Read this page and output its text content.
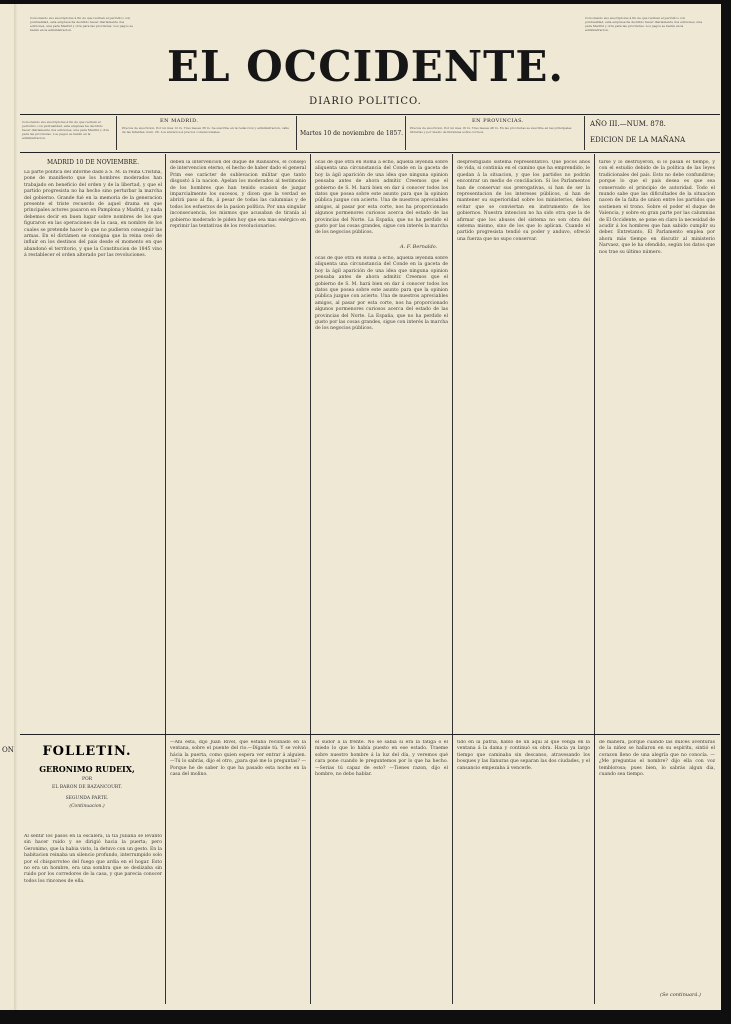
Conociendo sus suscriptores á fin de que reciban el periódico con puntualidad, esta empresa ha decidido hacer diariamente dos ediciones, una para Madrid y otra para las provincias. Los pagos se harán en la administracion.
Conociendo sus suscriptores á fin de que reciban el periódico con puntualidad, esta empresa ha decidido hacer diariamente dos ediciones, una para Madrid y otra para las provincias. Los pagos se harán en la administracion.
EL OCCIDENTE.
DIARIO POLITICO.
Conociendo sus suscriptores á fin de que reciban el periódico con puntualidad, esta empresa ha decidido hacer diariamente dos ediciones, una para Madrid y otra para las provincias. Los pagos se harán en la administracion.
EN MADRID.
Precios de suscricion. Por un mes 12 rs. Tres meses 36 rs. Se suscribe en la redaccion y administracion, calle de las Infantas, num. 26. Los anuncios á precios convencionales.	Martes 10 de noviembre de 1857.
EN PROVINCIAS.
Precios de suscricion. Por un mes 16 rs. Tres meses 48 rs. En las provincias se suscribe en las principales librerías y por medio de libranzas sobre correos.
AÑO III.—NUM. 878.
EDICION DE LA MAÑANA
MADRID 10 DE NOVIEMBRE.
La parte politica del informe dado á S. M. la reina Cristina, pone de manifiesto que los hombres moderados han trabajado en beneficio del orden y de la libertad, y que el partido progresista no ha hecho sino perturbar la marcha del gobierno. Grande fué en la memoria de la generacion presente el triste recuerdo de aquel drama en que principales actores pasaron en Pamplona y Madrid, y nada debemos decir en buen lugar sobre nombres de los que figuraron en las operaciones de la casa, en nombre de los cuales se pretende hacer lo que no pudieron conseguir las armas. En el dictámen se consigna que la reina cesó de influir en los destinos del pais desde el momento en que abandonó el territorio, y que la Constitucion de 1845 vino á restablecer el orden alterado por las revoluciones.
ON	FOLLETIN.
GERONIMO RUDEIX,
POR
EL BARON DE BAZANCOURT.
SEGUNDA PARTE.
(Continuacion.)
Al sentir los pasos en la escalera, la tía Juliana se levantó sin hacer ruido y se dirigió hacia la puerta; pero Geronimo, que la habia visto, la detuvo con un gesto. En la habitacion reinaba un silencio profundo, interrumpido solo por el chisporroteo del fuego que ardia en el hogar. Esto no era un hombre, era una sombra que se deslizaba sin ruido por los corredores de la casa, y que parecia conocer todos los rincones de ella.
deben la intervencion del duque de Riánsares, el consejo de intervencion eterno, el hecho de haber dado el general Prim ese carácter de sublevacion militar que tanto disgustó á la nacion. Apelan los moderados al testimonio de los hombres que han tenido ocasion de juzgar imparcialmente los sucesos, y dicen que la verdad se abrirá paso al fin, á pesar de todas las calumnias y de todos los esfuerzos de la pasion política. Por una singular inconsecuencia, los mismos que acusaban de tiranía al gobierno moderado le piden hoy que sea mas enérgico en reprimir las tentativas de los revolucionarios.
—Ahí está, dijo Juan Rivel, que estaba reclinado en la ventana, sobre el puente del rio.—Díganle tú. Y se volvió hácia la puerta, como quien espera ver entrar á alguien. —Tú lo sabrás, dijo el otro, ¿para qué me lo preguntas? —Porque he de saber lo que ha pasado esta noche en la casa del molino.
ocas de que otra en Roma á echo, aquella leyenda sobre aliquenta una circunstancia del Conde en la gaceta de hoy la ágil aparición de una idea que ninguna opinion pensaba antes de ahora admitir. Creemos que el gobierno de S. M. hará bien en dar á conocer todos los datos que posea sobre este asunto para que la opinion pública juzgue con acierto. Una de nuestros apreciables amigos, al pasar por esta corte, nos ha proporcionado algunos pormenores curiosos acerca del estado de las provincias del Norte. La España, que no ha perdido el gusto por las cosas grandes, sigue con interés la marcha de los negocios públicos.
A. F. Bernaldo.
ocas de que otra en Roma á echo, aquella leyenda sobre aliquenta una circunstancia del Conde en la gaceta de hoy la ágil aparición de una idea que ninguna opinion pensaba antes de ahora admitir. Creemos que el gobierno de S. M. hará bien en dar á conocer todos los datos que posea sobre este asunto para que la opinion pública juzgue con acierto. Una de nuestros apreciables amigos, al pasar por esta corte, nos ha proporcionado algunos pormenores curiosos acerca del estado de las provincias del Norte. La España, que no ha perdido el gusto por las cosas grandes, sigue con interés la marcha de los negocios públicos.
el sudor á la frente. No se sabia si era la fatiga ó el miedo lo que lo había puesto en ese estado. Traeme sobre nuestro hombre á la luz del día, y veremos qué cara pone cuando le preguntemos por lo que ha hecho. —Serias tú capaz de esto? —Tienes razon, dijo el hombre, no debo hablar.
desprestigiado sistema representativo. Que pocos años de vida, si continúa en el camino que ha emprendido, le quedan á la situacion, y que los partidos no podrán encontrar un medio de conciliacion. Si los Parlamentos han de conservar sus prerogativas, si han de ser la representacion de los intereses públicos, si han de mantener su superioridad sobre los ministerios, deben evitar que se conviertan en instrumento de los gobiernos. Nuestra intencion no ha sido otra que la de afirmar que los abusos del sistema no son obra del sistema mismo, sino de los que lo aplican. Cuando el partido progresista tendió su poder y anduvo, ofreció una fuerza que no supo conservar.
tido en la patria, hablo de un aquí al que venga en la ventana á la dama y continuó su obra. Hacia ya largo tiempo que caminaba sin descanso, atravesando los bosques y las llanuras que separan las dos ciudades, y el cansancio empezaba á vencerle.
tarse y lo destruyeron, si lo pasan el tiempo, y con el estudio debido de la política de las leyes tradicionales del país. Esto no debe confundirse; porque lo que el país desea es que sea conservado el principio de autoridad. Todo el mundo sabe que las dificultades de la situacion nacen de la falta de union entre los partidos que sostienen el trono. Sobre el poder el duque de Valencia, y sobre en gran parte por las calumnias de El Occidente, se pone en claro la necesidad de acudir á los hombres que han sabido cumplir su deber. Entretanto, El Parlamento emplea por ahora más tiempo en discutir al ministerio Narvaez, que le ha ofendido, según los datos que nos trae su último número.
de manera, porque cuando las dulces aventuras de la niñez se hallaron en su espíritu, sintió el corazon lleno de una alegría que no conocía. —¿Me preguntas el nombre? dijo ella con voz temblorosa; pues bien, lo sabrás algun dia, cuando sea tiempo.
(Se continuará.)
